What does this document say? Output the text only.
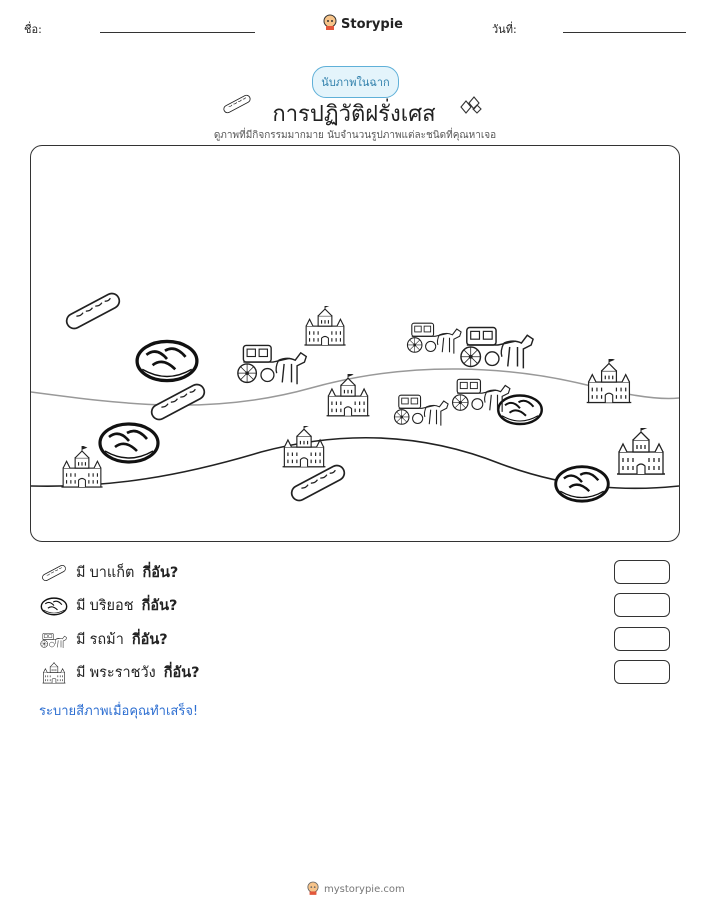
ชื่อ:	Storypie	วันที่:
นับภาพในฉาก
การปฏิวัติฝรั่งเศส
ดูภาพที่มีกิจกรรมมากมาย นับจำนวนรูปภาพแต่ละชนิดที่คุณหาเจอ
มี บาแก็ต กี่อัน?
มี บริยอช กี่อัน?
มี รถม้า กี่อัน?
มี พระราชวัง กี่อัน?
ระบายสีภาพเมื่อคุณทำเสร็จ!
mystorypie.com
